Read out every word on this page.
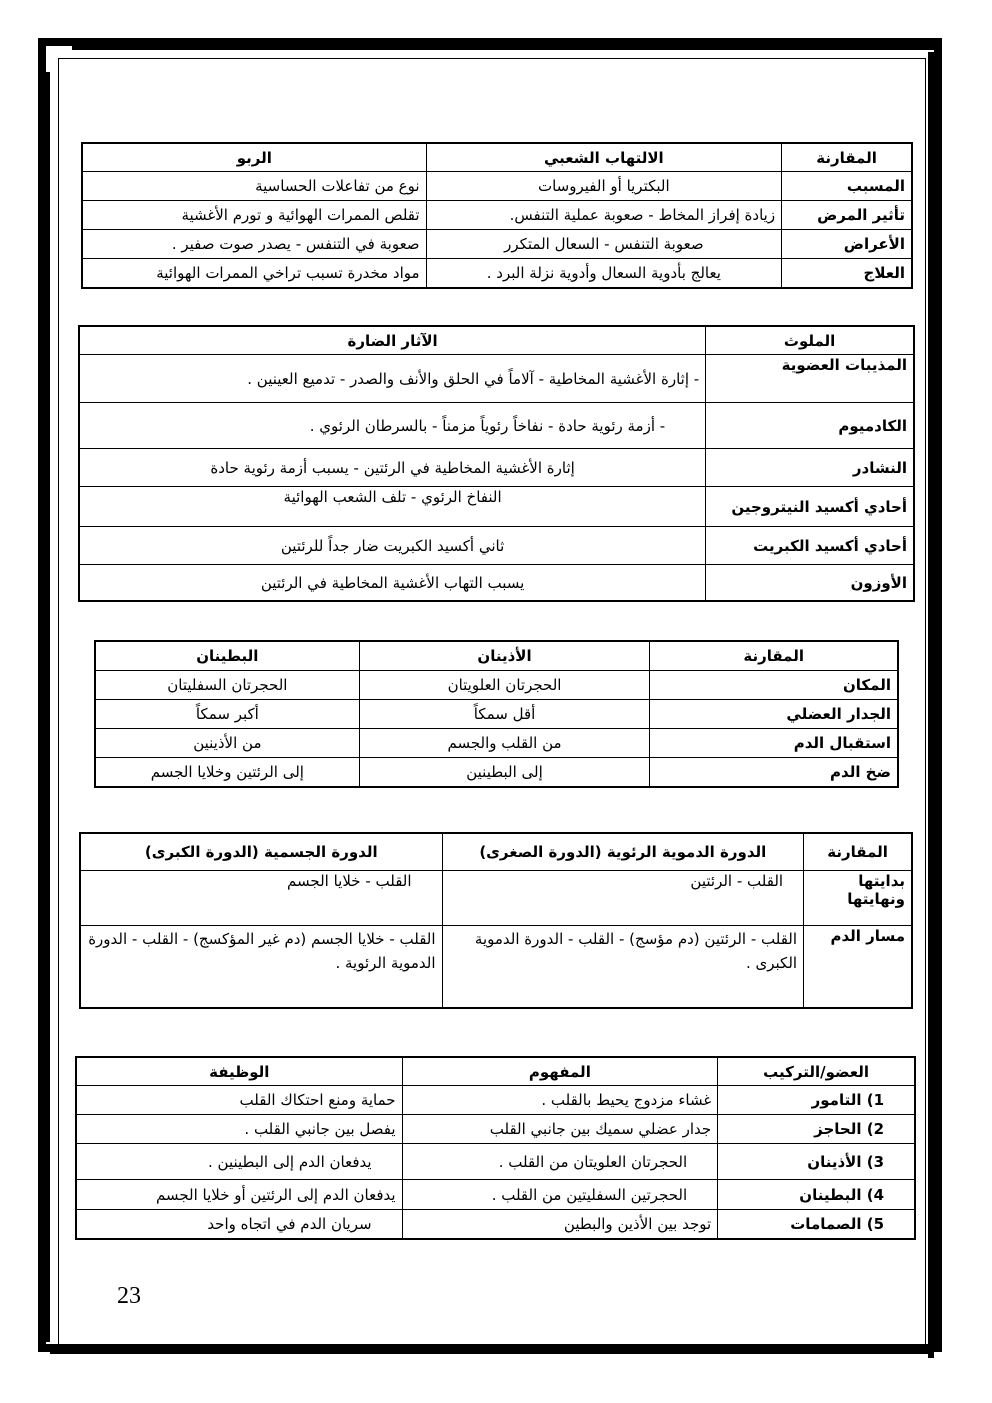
المقارنة	الالتهاب الشعبي	الربو
المسبب	البكتريا أو الفيروسات	نوع من تفاعلات الحساسية
تأثير المرض	زيادة إفراز المخاط - صعوبة عملية التنفس.	تقلص الممرات الهوائية و تورم الأغشية
الأعراض	صعوبة التنفس - السعال المتكرر	صعوبة في التنفس - يصدر صوت صفير .
العلاج	يعالج بأدوية السعال وأدوية نزلة البرد .	مواد مخدرة تسبب تراخي الممرات الهوائية
الملوث	الآثار الضارة
المذيبات العضوية	- إثارة الأغشية المخاطية - آلاماً في الحلق والأنف والصدر - تدميع العينين .
الكادميوم	- أزمة رئوية حادة - نفاخاً رئوياً مزمناً - بالسرطان الرئوي .
النشادر	إثارة الأغشية المخاطية في الرئتين - يسبب أزمة رئوية حادة
أحادي أكسيد النيتروجين	النفاخ الرئوي - تلف الشعب الهوائية
أحادي أكسيد الكبريت	ثاني أكسيد الكبريت ضار جداً للرئتين
الأوزون	يسبب التهاب الأغشية المخاطية في الرئتين
المقارنة	الأذينان	البطينان
المكان	الحجرتان العلويتان	الحجرتان السفليتان
الجدار العضلي	أقل سمكاً	أكبر سمكاً
استقبال الدم	من القلب والجسم	من الأذينين
ضخ الدم	إلى البطينين	إلى الرئتين وخلايا الجسم
المقارنة	الدورة الدموية الرئوية (الدورة الصغرى)	الدورة الجسمية (الدورة الكبرى)
بدايتها ونهايتها	القلب - الرئتين	القلب - خلايا الجسم
مسار الدم	القلب - الرئتين (دم مؤسج) - القلب - الدورة الدموية الكبرى .	القلب - خلايا الجسم (دم غير المؤكسج) - القلب - الدورة الدموية الرئوية .
العضو/التركيب	المفهوم	الوظيفة
1) التامور	غشاء مزدوج يحيط بالقلب .	حماية ومنع احتكاك القلب
2) الحاجز	جدار عضلي سميك بين جانبي القلب	يفصل بين جانبي القلب .
3) الأذينان	الحجرتان العلويتان من القلب .	يدفعان الدم إلى البطينين .
4) البطينان	الحجرتين السفليتين من القلب .	يدفعان الدم إلى الرئتين أو خلايا الجسم
5) الصمامات	توجد بين الأذين والبطين	سريان الدم في اتجاه واحد
23
